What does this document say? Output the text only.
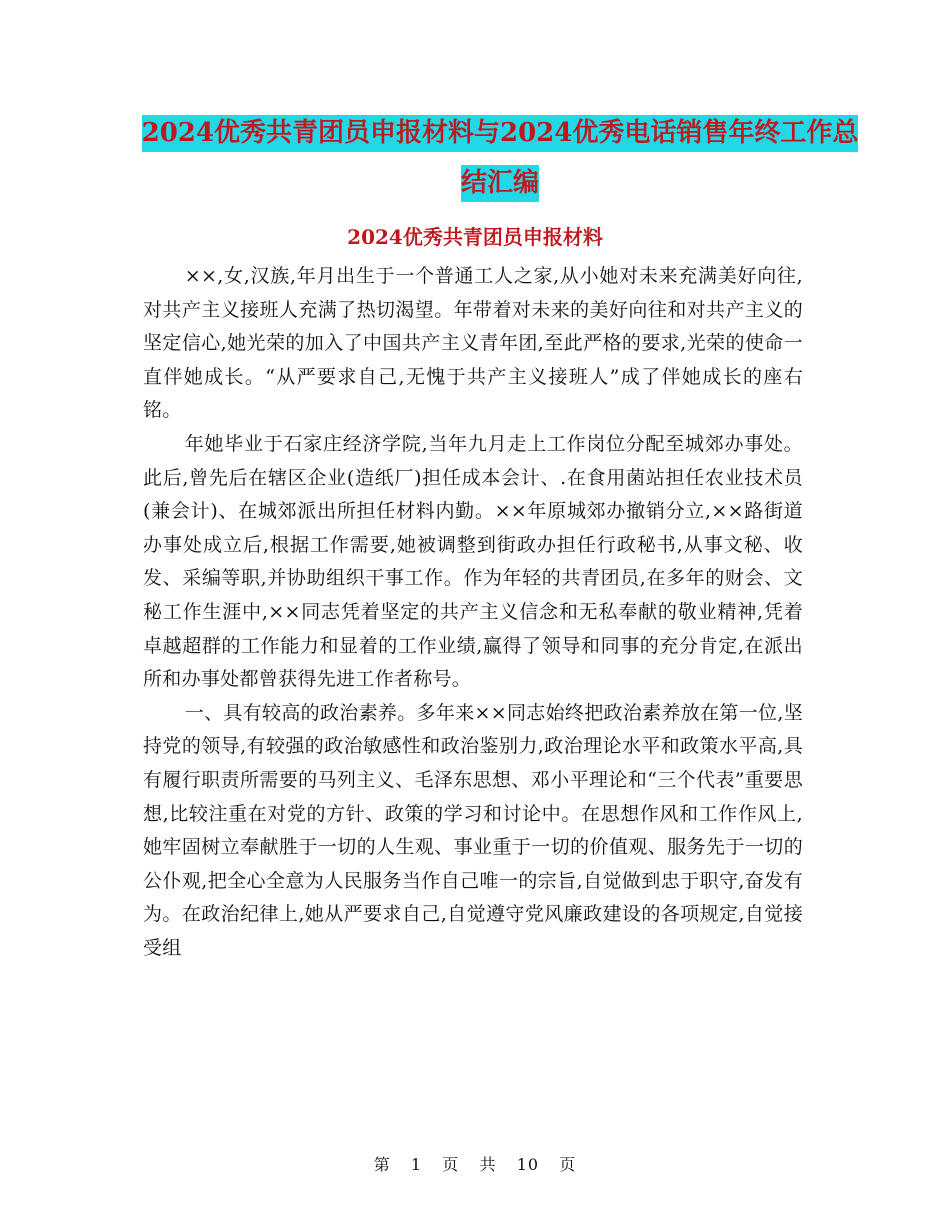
2024优秀共青团员申报材料与2024优秀电话销售年终工作总结汇编
2024优秀共青团员申报材料

××,女,汉族,年月出生于一个普通工人之家,从小她对未来充满美好向往,对共产主义接班人充满了热切渴望。年带着对未来的美好向往和对共产主义的坚定信心,她光荣的加入了中国共产主义青年团,至此严格的要求,光荣的使命一直伴她成长。“从严要求自己,无愧于共产主义接班人”成了伴她成长的座右铭。

年她毕业于石家庄经济学院,当年九月走上工作岗位分配至城郊办事处。此后,曾先后在辖区企业(造纸厂)担任成本会计、.在食用菌站担任农业技术员(兼会计)、在城郊派出所担任材料内勤。××年原城郊办撤销分立,××路街道办事处成立后,根据工作需要,她被调整到街政办担任行政秘书,从事文秘、收发、采编等职,并协助组织干事工作。作为年轻的共青团员,在多年的财会、文秘工作生涯中,××同志凭着坚定的共产主义信念和无私奉献的敬业精神,凭着卓越超群的工作能力和显着的工作业绩,赢得了领导和同事的充分肯定,在派出所和办事处都曾获得先进工作者称号。

一、具有较高的政治素养。多年来××同志始终把政治素养放在第一位,坚持党的领导,有较强的政治敏感性和政治鉴别力,政治理论水平和政策水平高,具有履行职责所需要的马列主义、毛泽东思想、邓小平理论和“三个代表”重要思想,比较注重在对党的方针、政策的学习和讨论中。在思想作风和工作作风上,她牢固树立奉献胜于一切的人生观、事业重于一切的价值观、服务先于一切的公仆观,把全心全意为人民服务当作自己唯一的宗旨,自觉做到忠于职守,奋发有为。在政治纪律上,她从严要求自己,自觉遵守党风廉政建设的各项规定,自觉接受组

第 1 页 共 10 页
